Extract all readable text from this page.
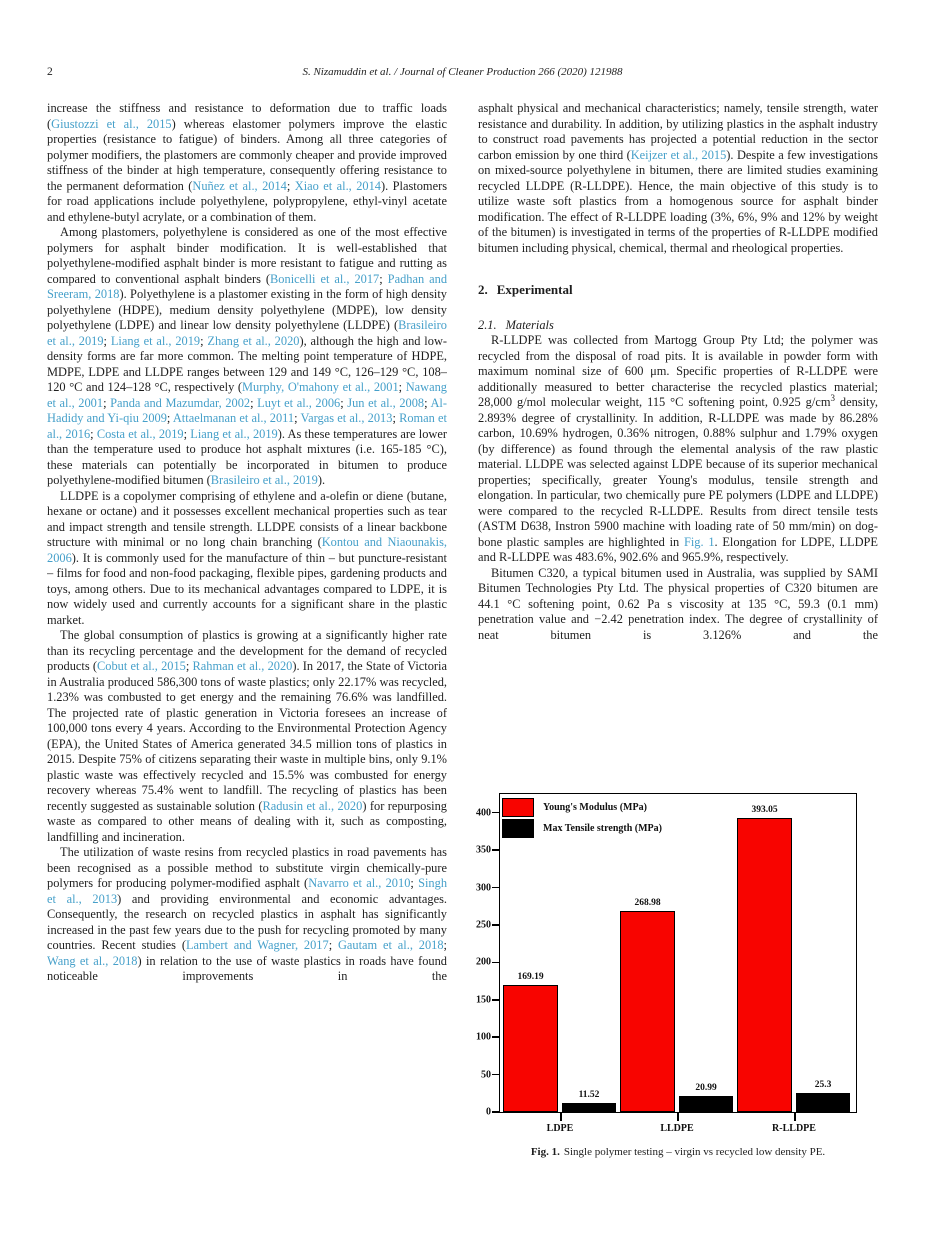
2	S. Nizamuddin et al. / Journal of Cleaner Production 266 (2020) 121988

increase the stiffness and resistance to deformation due to traffic loads (Giustozzi et al., 2015) whereas elastomer polymers improve the elastic properties (resistance to fatigue) of binders. Among all three categories of polymer modifiers, the plastomers are commonly cheaper and provide improved stiffness of the binder at high temperature, consequently offering resistance to the permanent deformation (Nuñez et al., 2014; Xiao et al., 2014). Plastomers for road applications include polyethylene, polypropylene, ethyl-vinyl acetate and ethylene-butyl acrylate, or a combination of them.

Among plastomers, polyethylene is considered as one of the most effective polymers for asphalt binder modification. It is well-established that polyethylene-modified asphalt binder is more resistant to fatigue and rutting as compared to conventional asphalt binders (Bonicelli et al., 2017; Padhan and Sreeram, 2018). Polyethylene is a plastomer existing in the form of high density polyethylene (HDPE), medium density polyethylene (MDPE), low density polyethylene (LDPE) and linear low density polyethylene (LLDPE) (Brasileiro et al., 2019; Liang et al., 2019; Zhang et al., 2020), although the high and low-density forms are far more common. The melting point temperature of HDPE, MDPE, LDPE and LLDPE ranges between 129 and 149 °C, 126–129 °C, 108–120 °C and 124–128 °C, respectively (Murphy, O'mahony et al., 2001; Nawang et al., 2001; Panda and Mazumdar, 2002; Luyt et al., 2006; Jun et al., 2008; Al-Hadidy and Yi-qiu 2009; Attaelmanan et al., 2011; Vargas et al., 2013; Roman et al., 2016; Costa et al., 2019; Liang et al., 2019). As these temperatures are lower than the temperature used to produce hot asphalt mixtures (i.e. 165-185 °C), these materials can potentially be incorporated in bitumen to produce polyethylene-modified bitumen (Brasileiro et al., 2019).

LLDPE is a copolymer comprising of ethylene and a-olefin or diene (butane, hexane or octane) and it possesses excellent mechanical properties such as tear and impact strength and tensile strength. LLDPE consists of a linear backbone structure with minimal or no long chain branching (Kontou and Niaounakis, 2006). It is commonly used for the manufacture of thin – but puncture-resistant – films for food and non-food packaging, flexible pipes, gardening products and toys, among others. Due to its mechanical advantages compared to LDPE, it is now widely used and currently accounts for a significant share in the plastic market.

The global consumption of plastics is growing at a significantly higher rate than its recycling percentage and the development for the demand of recycled products (Cobut et al., 2015; Rahman et al., 2020). In 2017, the State of Victoria in Australia produced 586,300 tons of waste plastics; only 22.17% was recycled, 1.23% was combusted to get energy and the remaining 76.6% was landfilled. The projected rate of plastic generation in Victoria foresees an increase of 100,000 tons every 4 years. According to the Environmental Protection Agency (EPA), the United States of America generated 34.5 million tons of plastics in 2015. Despite 75% of citizens separating their waste in multiple bins, only 9.1% plastic waste was effectively recycled and 15.5% was combusted for energy recovery whereas 75.4% went to landfill. The recycling of plastics has been recently suggested as sustainable solution (Radusin et al., 2020) for repurposing waste as compared to other means of dealing with it, such as composting, landfilling and incineration.

The utilization of waste resins from recycled plastics in road pavements has been recognised as a possible method to substitute virgin chemically-pure polymers for producing polymer-modified asphalt (Navarro et al., 2010; Singh et al., 2013) and providing environmental and economic advantages. Consequently, the research on recycled plastics in asphalt has significantly increased in the past few years due to the push for recycling promoted by many countries. Recent studies (Lambert and Wagner, 2017; Gautam et al., 2018; Wang et al., 2018) in relation to the use of waste plastics in roads have found noticeable improvements in the

asphalt physical and mechanical characteristics; namely, tensile strength, water resistance and durability. In addition, by utilizing plastics in the asphalt industry to construct road pavements has projected a potential reduction in the sector carbon emission by one third (Keijzer et al., 2015). Despite a few investigations on mixed-source polyethylene in bitumen, there are limited studies examining recycled LLDPE (R-LLDPE). Hence, the main objective of this study is to utilize waste soft plastics from a homogenous source for asphalt binder modification. The effect of R-LLDPE loading (3%, 6%, 9% and 12% by weight of the bitumen) is investigated in terms of the properties of R-LLDPE modified bitumen including physical, chemical, thermal and rheological properties.

2. Experimental

2.1. Materials

R-LLDPE was collected from Martogg Group Pty Ltd; the polymer was recycled from the disposal of road pits. It is available in powder form with maximum nominal size of 600 μm. Specific properties of R-LLDPE were additionally measured to better characterise the recycled plastics material; 28,000 g/mol molecular weight, 115 °C softening point, 0.925 $g/cm^3$ density, 2.893% degree of crystallinity. In addition, R-LLDPE was made by 86.28% carbon, 10.69% hydrogen, 0.36% nitrogen, 0.88% sulphur and 1.79% oxygen (by difference) as found through the elemental analysis of the raw plastic material. LLDPE was selected against LDPE because of its superior mechanical properties; specifically, greater Young's modulus, tensile strength and elongation. In particular, two chemically pure PE polymers (LDPE and LLDPE) were compared to the recycled R-LLDPE. Results from direct tensile tests (ASTM D638, Instron 5900 machine with loading rate of 50 mm/min) on dog-bone plastic samples are highlighted in Fig. 1. Elongation for LDPE, LLDPE and R-LLDPE was 483.6%, 902.6% and 965.9%, respectively.

Bitumen C320, a typical bitumen used in Australia, was supplied by SAMI Bitumen Technologies Pty Ltd. The physical properties of C320 bitumen are 44.1 °C softening point, 0.62 Pa s viscosity at 135 °C, 59.3 (0.1 mm) penetration value and −2.42 penetration index. The degree of crystallinity of neat bitumen is 3.126% and the

Young's Modulus (MPa)
Max Tensile strength (MPa)
0
50
100
150
200
250
300
350
400
169.19
11.52
LDPE
268.98
20.99
LLDPE
393.05
25.3
R-LLDPE
Fig. 1. Single polymer testing – virgin vs recycled low density PE.
